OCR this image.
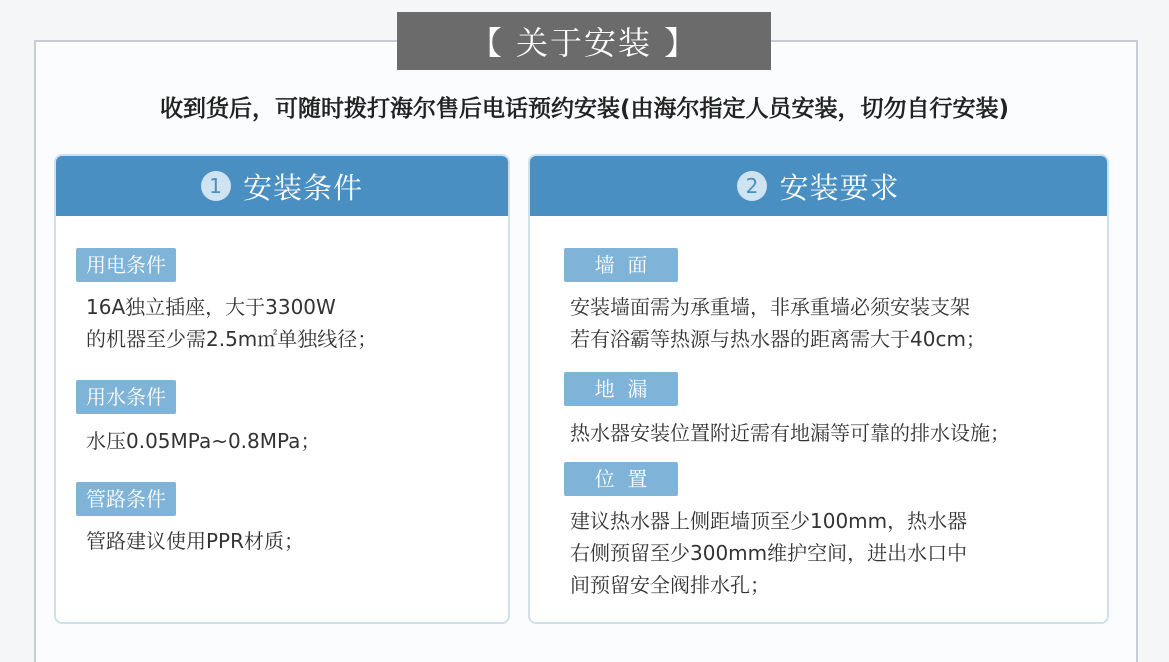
【 关于安装 】
收到货后，可随时拨打海尔售后电话预约安装(由海尔指定人员安装，切勿自行安装)
1 安装条件
用电条件
16A独立插座，大于3300W
的机器至少需2.5m㎡单独线径；
用水条件
水压0.05MPa~0.8MPa；
管路条件
管路建议使用PPR材质；
2 安装要求
墙  面
安装墙面需为承重墙，非承重墙必须安装支架
若有浴霸等热源与热水器的距离需大于40cm；
地  漏
热水器安装位置附近需有地漏等可靠的排水设施；
位  置
建议热水器上侧距墙顶至少100mm，热水器
右侧预留至少300mm维护空间，进出水口中
间预留安全阀排水孔；
